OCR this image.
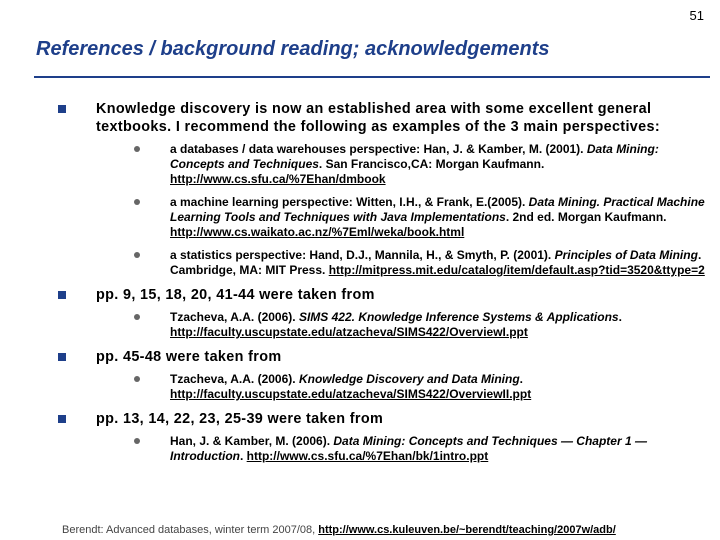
51
References / background reading; acknowledgements
Knowledge discovery is now an established area with some excellent general textbooks. I recommend the following as examples of the 3 main perspectives:
a databases / data warehouses perspective: Han, J. & Kamber, M. (2001). Data Mining: Concepts and Techniques. San Francisco,CA: Morgan Kaufmann. http://www.cs.sfu.ca/%7Ehan/dmbook
a machine learning perspective: Witten, I.H., & Frank, E.(2005). Data Mining. Practical Machine Learning Tools and Techniques with Java Implementations. 2nd ed. Morgan Kaufmann. http://www.cs.waikato.ac.nz/%7Eml/weka/book.html
a statistics perspective: Hand, D.J., Mannila, H., & Smyth, P. (2001). Principles of Data Mining. Cambridge, MA: MIT Press. http://mitpress.mit.edu/catalog/item/default.asp?tid=3520&ttype=2
pp. 9, 15, 18, 20, 41-44 were taken from
Tzacheva, A.A. (2006). SIMS 422. Knowledge Inference Systems & Applications. http://faculty.uscupstate.edu/atzacheva/SIMS422/OverviewI.ppt
pp. 45-48 were taken from
Tzacheva, A.A. (2006). Knowledge Discovery and Data Mining. http://faculty.uscupstate.edu/atzacheva/SIMS422/OverviewII.ppt
pp. 13, 14, 22, 23, 25-39 were taken from
Han, J. & Kamber, M. (2006). Data Mining: Concepts and Techniques — Chapter 1 — Introduction. http://www.cs.sfu.ca/%7Ehan/bk/1intro.ppt
Berendt: Advanced databases, winter term 2007/08, http://www.cs.kuleuven.be/~berendt/teaching/2007w/adb/
